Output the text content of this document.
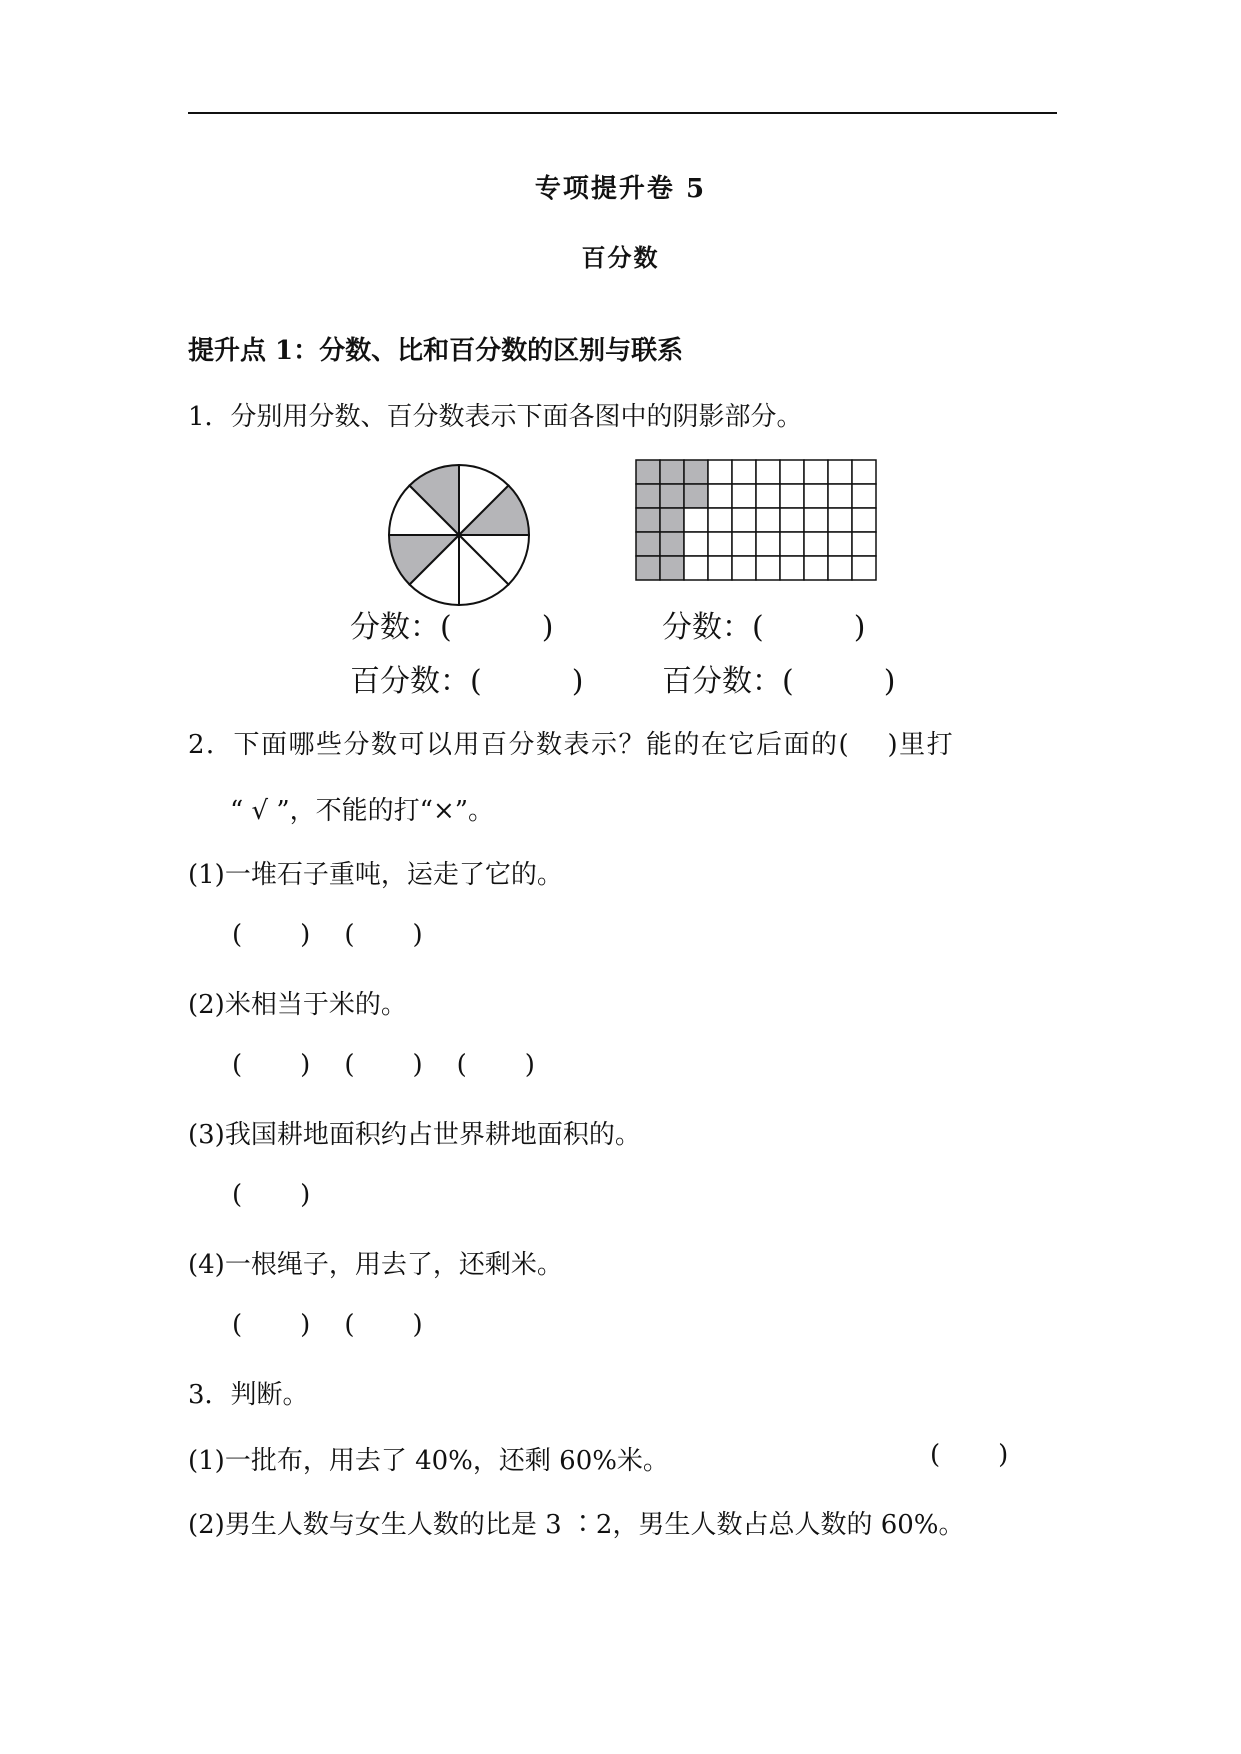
专项提升卷 5
百分数
提升点 1：分数、比和百分数的区别与联系
1．分别用分数、百分数表示下面各图中的阴影部分。
分数：(　　　)
百分数：(　　　)
分数：(　　　)
百分数：(　　　)
2．下面哪些分数可以用百分数表示？能的在它后面的(　 )里打
“ √ ”，不能的打“×”。
(1)一堆石子重吨，运走了它的。
( ) ( )
(2)米相当于米的。
( ) ( ) ( )
(3)我国耕地面积约占世界耕地面积的。
( )
(4)一根绳子，用去了，还剩米。
( ) ( )
3．判断。
(1)一批布，用去了 40%，还剩 60%米。	( )
(2)男生人数与女生人数的比是 3 ∶2，男生人数占总人数的 60%。
